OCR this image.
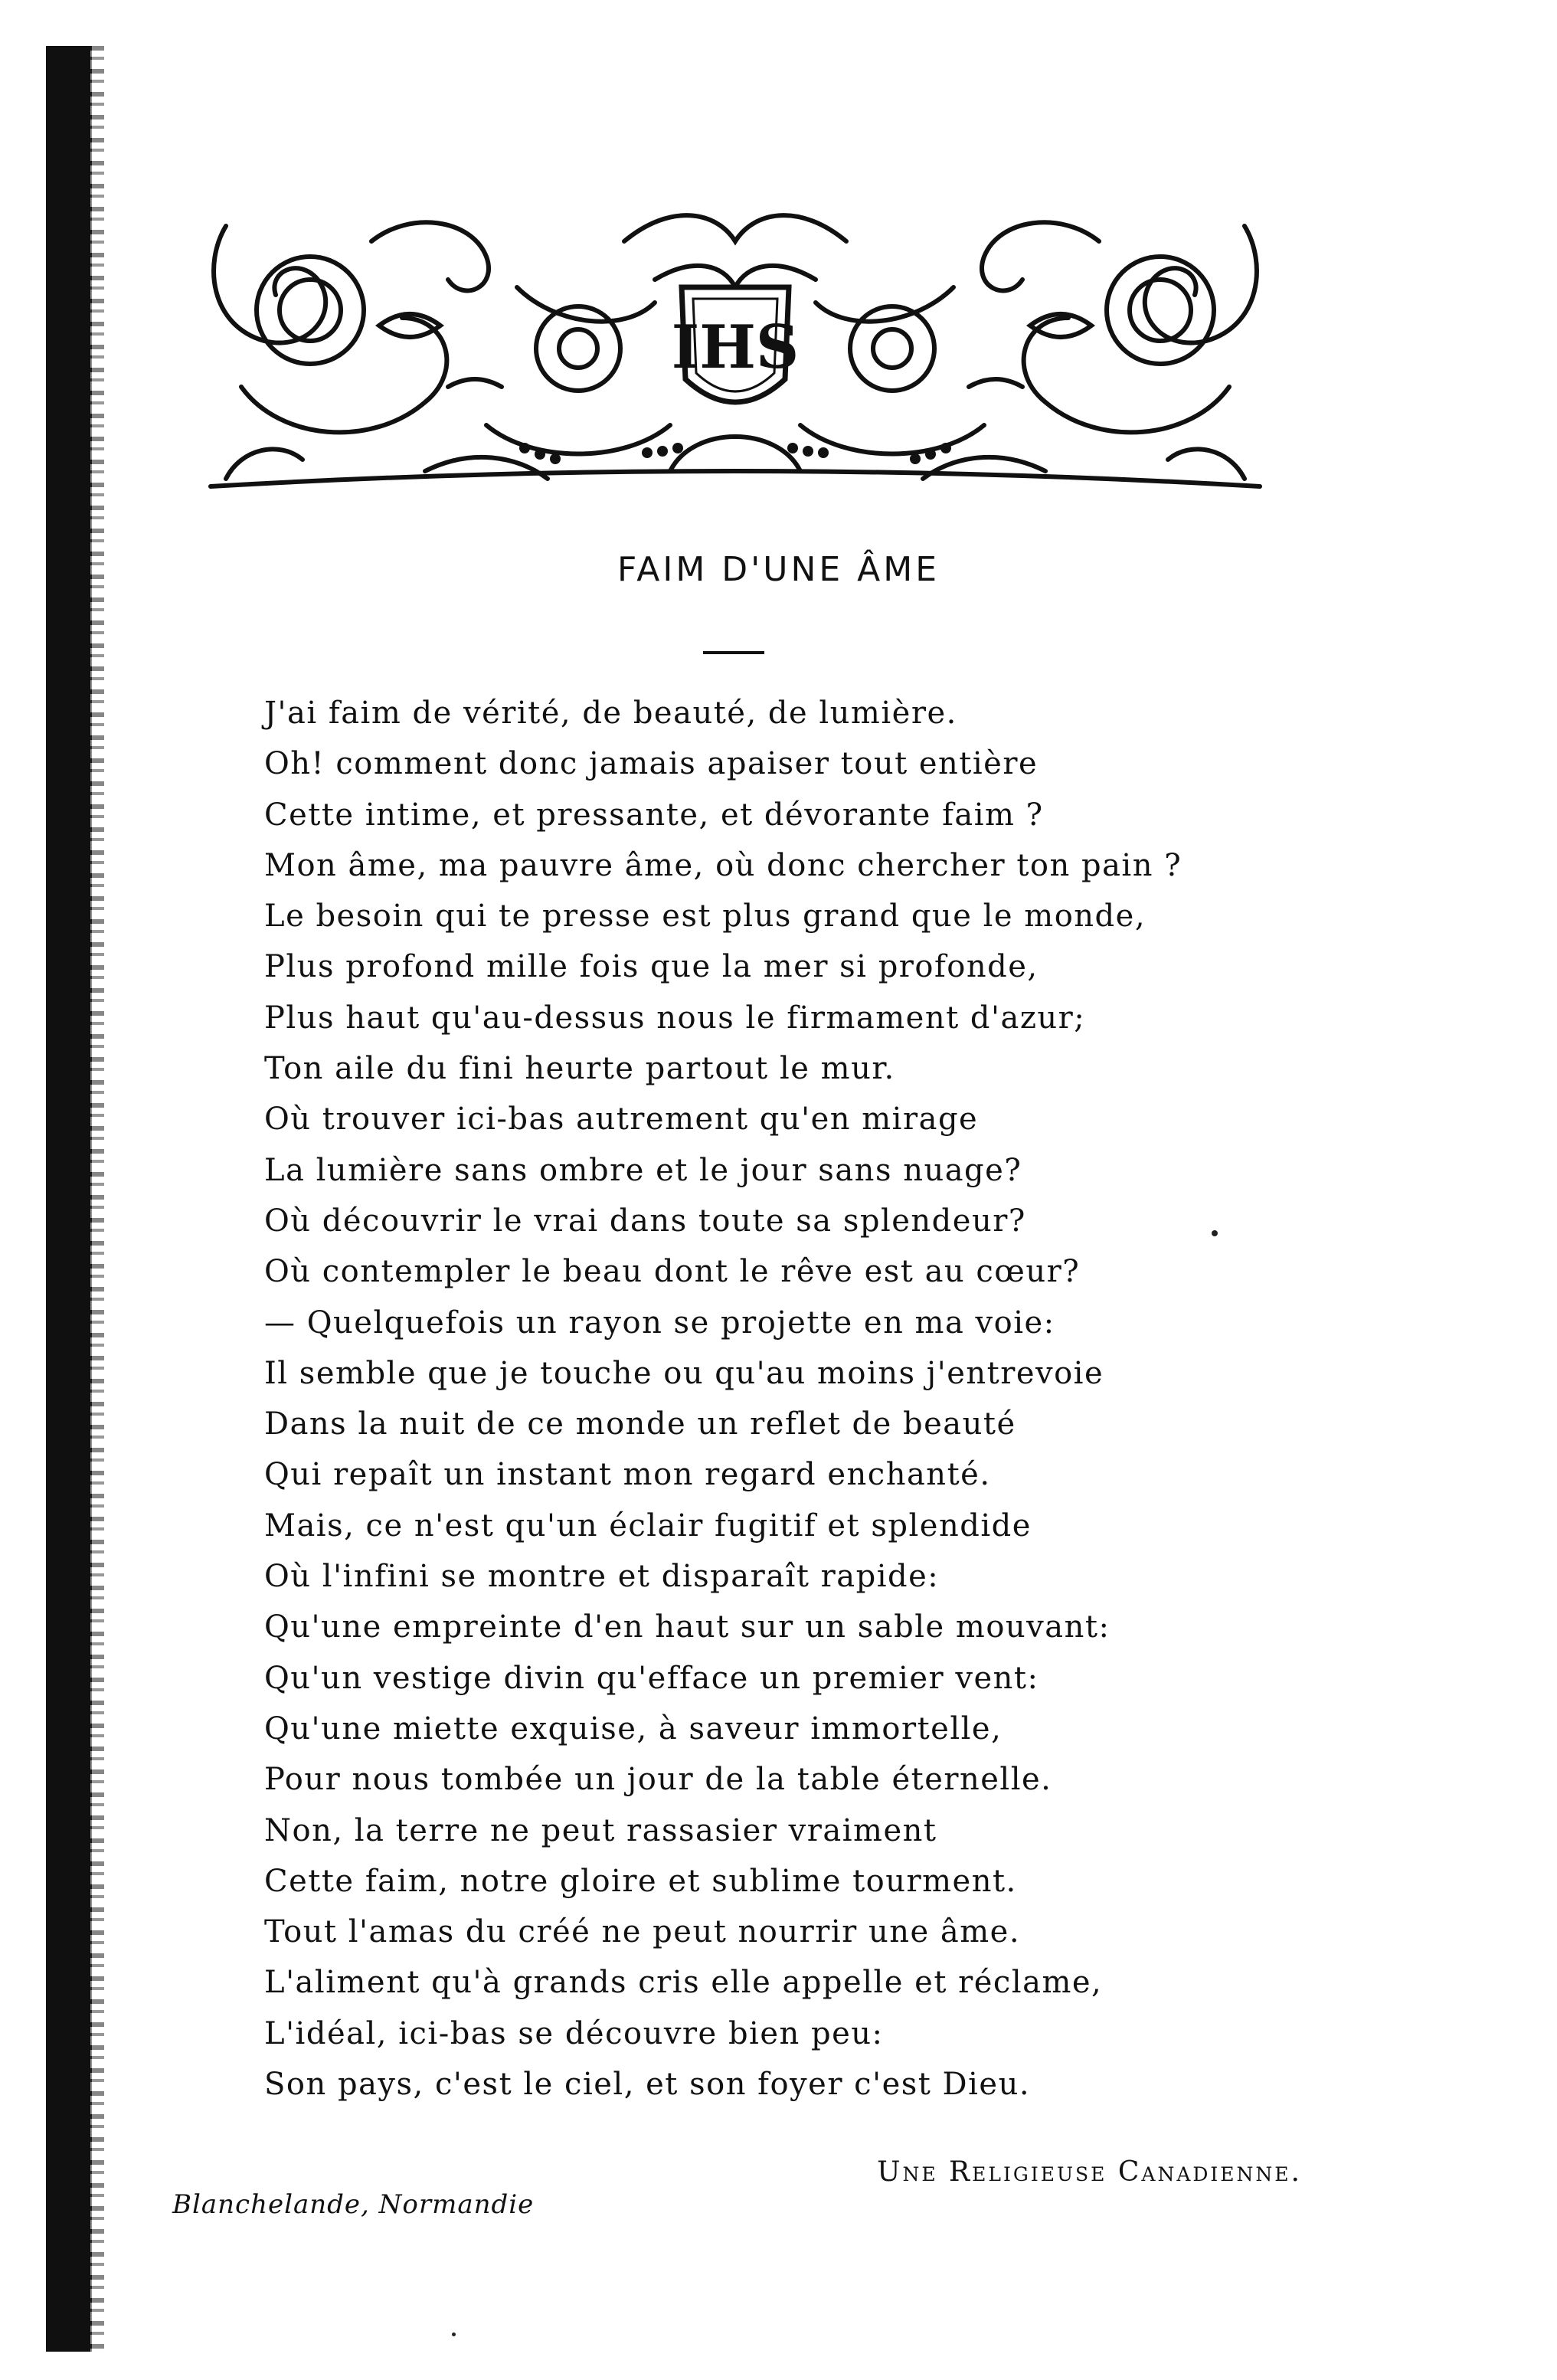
IHS
FAIM D'UNE ÂME
J'ai faim de vérité, de beauté, de lumière.
Oh! comment donc jamais apaiser tout entière
Cette intime, et pressante, et dévorante faim ?
Mon âme, ma pauvre âme, où donc chercher ton pain ?
Le besoin qui te presse est plus grand que le monde,
Plus profond mille fois que la mer si profonde,
Plus haut qu'au-dessus nous le firmament d'azur;
Ton aile du fini heurte partout le mur.
Où trouver ici-bas autrement qu'en mirage
La lumière sans ombre et le jour sans nuage?
Où découvrir le vrai dans toute sa splendeur?
Où contempler le beau dont le rêve est au cœur?
— Quelquefois un rayon se projette en ma voie:
Il semble que je touche ou qu'au moins j'entrevoie
Dans la nuit de ce monde un reflet de beauté
Qui repaît un instant mon regard enchanté.
Mais, ce n'est qu'un éclair fugitif et splendide
Où l'infini se montre et disparaît rapide:
Qu'une empreinte d'en haut sur un sable mouvant:
Qu'un vestige divin qu'efface un premier vent:
Qu'une miette exquise, à saveur immortelle,
Pour nous tombée un jour de la table éternelle.
Non, la terre ne peut rassasier vraiment
Cette faim, notre gloire et sublime tourment.
Tout l'amas du créé ne peut nourrir une âme.
L'aliment qu'à grands cris elle appelle et réclame,
L'idéal, ici-bas se découvre bien peu:
Son pays, c'est le ciel, et son foyer c'est Dieu.
Une Religieuse Canadienne.
Blanchelande, Normandie
